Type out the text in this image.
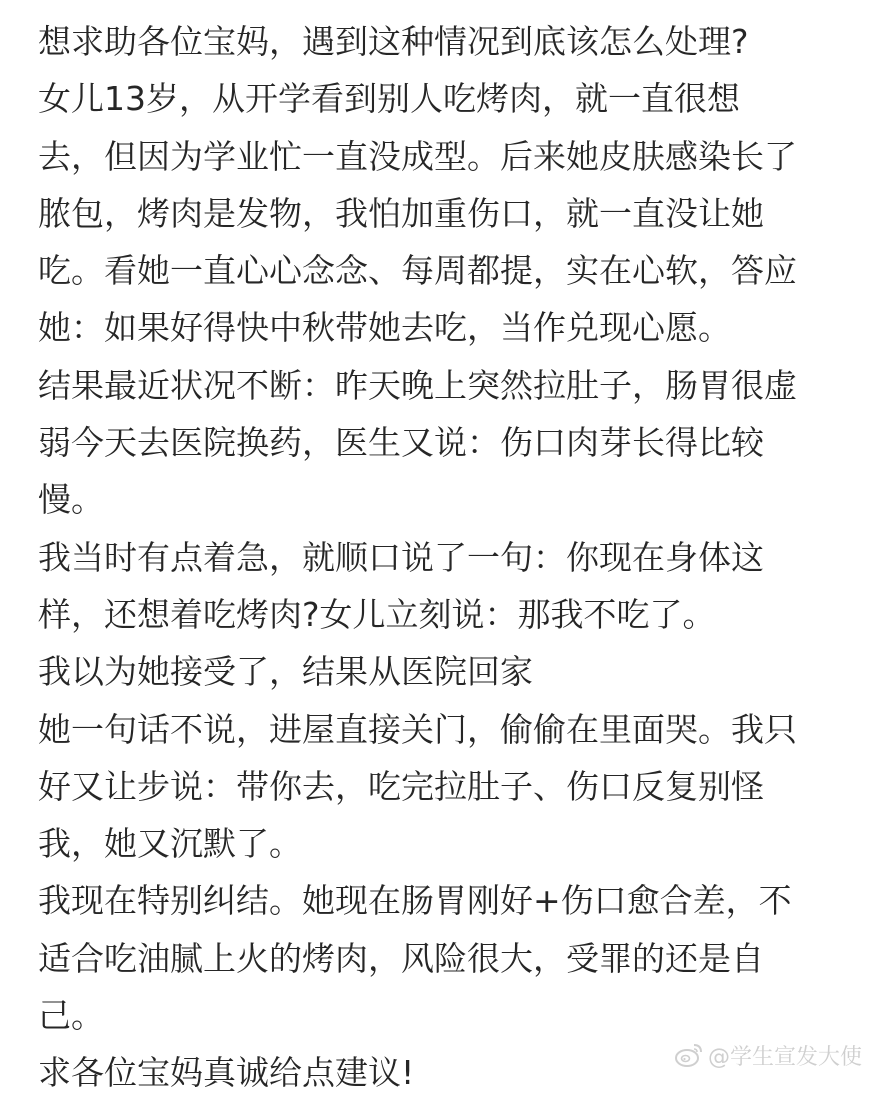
想求助各位宝妈，遇到这种情况到底该怎么处理?
女儿13岁，从开学看到别人吃烤肉，就一直很想
去，但因为学业忙一直没成型。后来她皮肤感染长了
脓包，烤肉是发物，我怕加重伤口，就一直没让她
吃。看她一直心心念念、每周都提，实在心软，答应
她：如果好得快中秋带她去吃，当作兑现心愿。
结果最近状况不断：昨天晚上突然拉肚子，肠胃很虚
弱今天去医院换药，医生又说：伤口肉芽长得比较
慢。
我当时有点着急，就顺口说了一句：你现在身体这
样，还想着吃烤肉?女儿立刻说：那我不吃了。
我以为她接受了，结果从医院回家
她一句话不说，进屋直接关门，偷偷在里面哭。我只
好又让步说：带你去，吃完拉肚子、伤口反复别怪
我，她又沉默了。
我现在特别纠结。她现在肠胃刚好+伤口愈合差，不
适合吃油腻上火的烤肉，风险很大，受罪的还是自
己。
求各位宝妈真诚给点建议!	@学生宣发大使
